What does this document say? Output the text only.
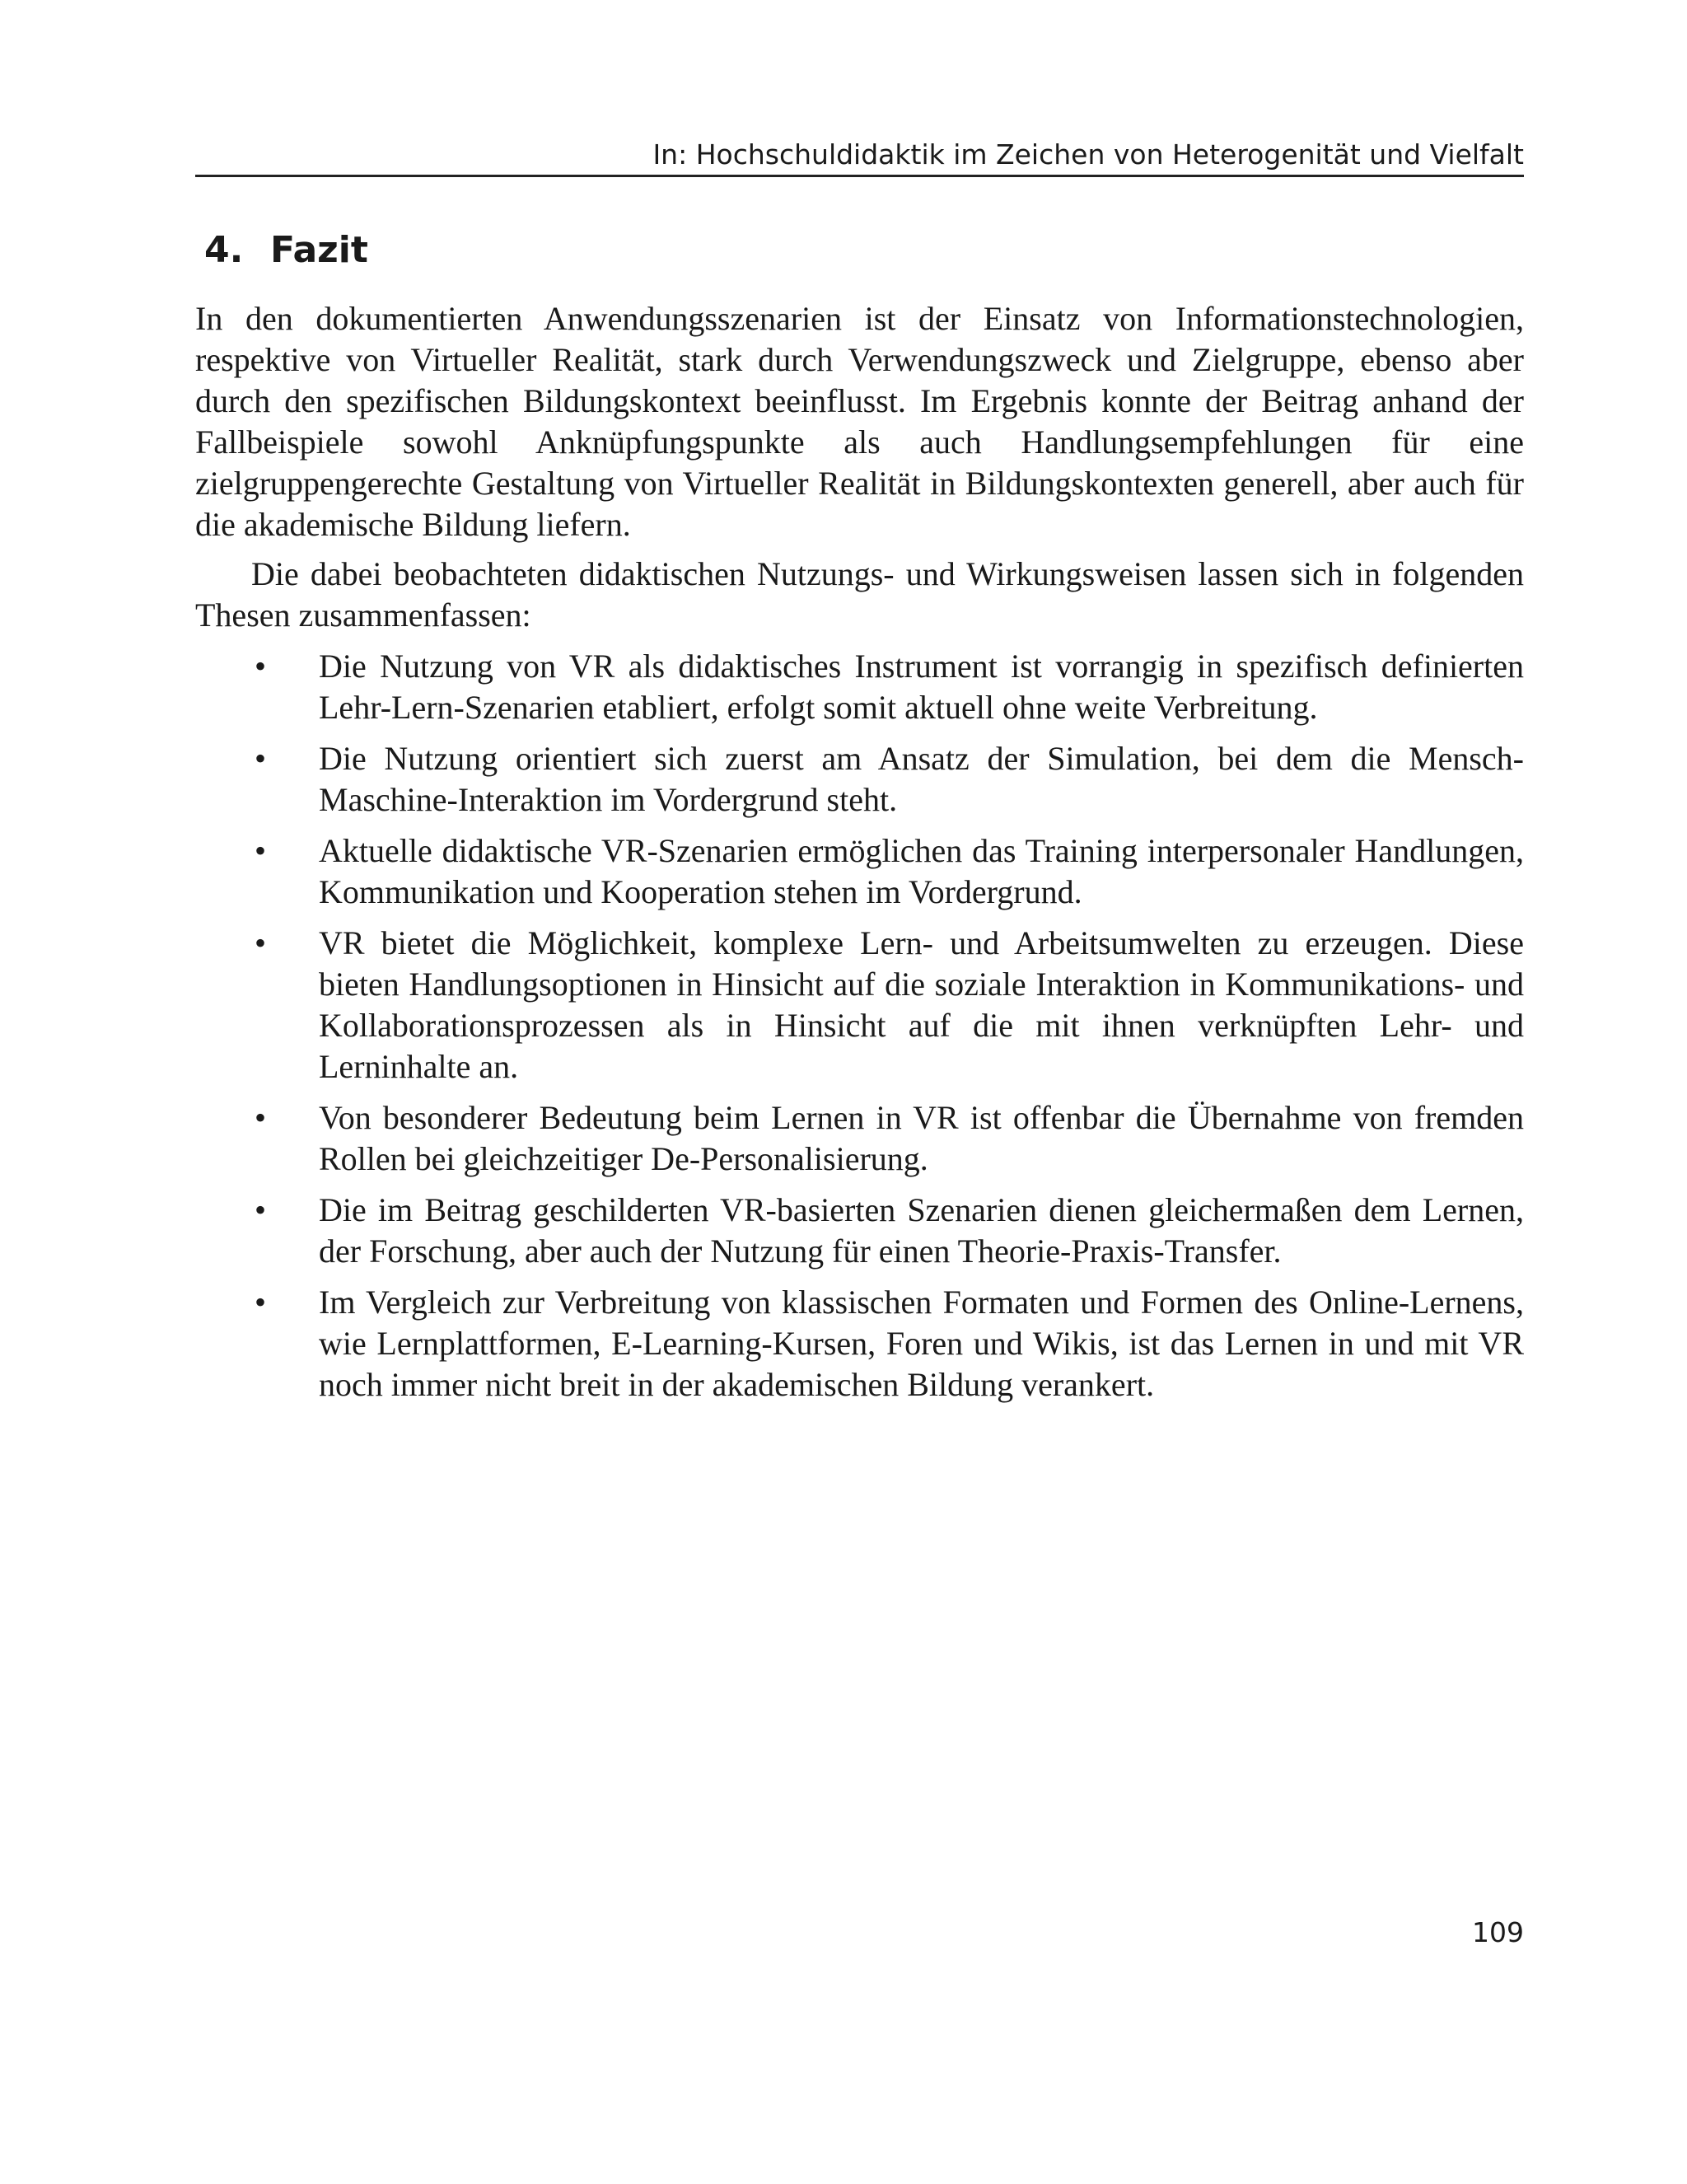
In: Hochschuldidaktik im Zeichen von Heterogenität und Vielfalt
4. Fazit

In den dokumentierten Anwendungsszenarien ist der Einsatz von Informationstechnologien, respektive von Virtueller Realität, stark durch Verwendungszweck und Zielgruppe, ebenso aber durch den spezifischen Bildungskontext beeinflusst. Im Ergebnis konnte der Beitrag anhand der Fallbeispiele sowohl Anknüpfungspunkte als auch Handlungsempfehlungen für eine zielgruppengerechte Gestaltung von Virtueller Realität in Bildungskontexten generell, aber auch für die akademische Bildung liefern.

Die dabei beobachteten didaktischen Nutzungs- und Wirkungsweisen lassen sich in folgenden Thesen zusammenfassen:

•	Die Nutzung von VR als didaktisches Instrument ist vorrangig in spezifisch definierten Lehr-Lern-Szenarien etabliert, erfolgt somit aktuell ohne weite Verbreitung.
•	Die Nutzung orientiert sich zuerst am Ansatz der Simulation, bei dem die Mensch-Maschine-Interaktion im Vordergrund steht.
•	Aktuelle didaktische VR-Szenarien ermöglichen das Training interpersonaler Handlungen, Kommunikation und Kooperation stehen im Vordergrund.
•	VR bietet die Möglichkeit, komplexe Lern- und Arbeitsumwelten zu erzeugen. Diese bieten Handlungsoptionen in Hinsicht auf die soziale Interaktion in Kommunikations- und Kollaborationsprozessen als in Hinsicht auf die mit ihnen verknüpften Lehr- und Lerninhalte an.
•	Von besonderer Bedeutung beim Lernen in VR ist offenbar die Übernahme von fremden Rollen bei gleichzeitiger De-Personalisierung.
•	Die im Beitrag geschilderten VR-basierten Szenarien dienen gleichermaßen dem Lernen, der Forschung, aber auch der Nutzung für einen Theorie-Praxis-Transfer.
•	Im Vergleich zur Verbreitung von klassischen Formaten und Formen des Online-Lernens, wie Lernplattformen, E-Learning-Kursen, Foren und Wikis, ist das Lernen in und mit VR noch immer nicht breit in der akademischen Bildung verankert.
109
